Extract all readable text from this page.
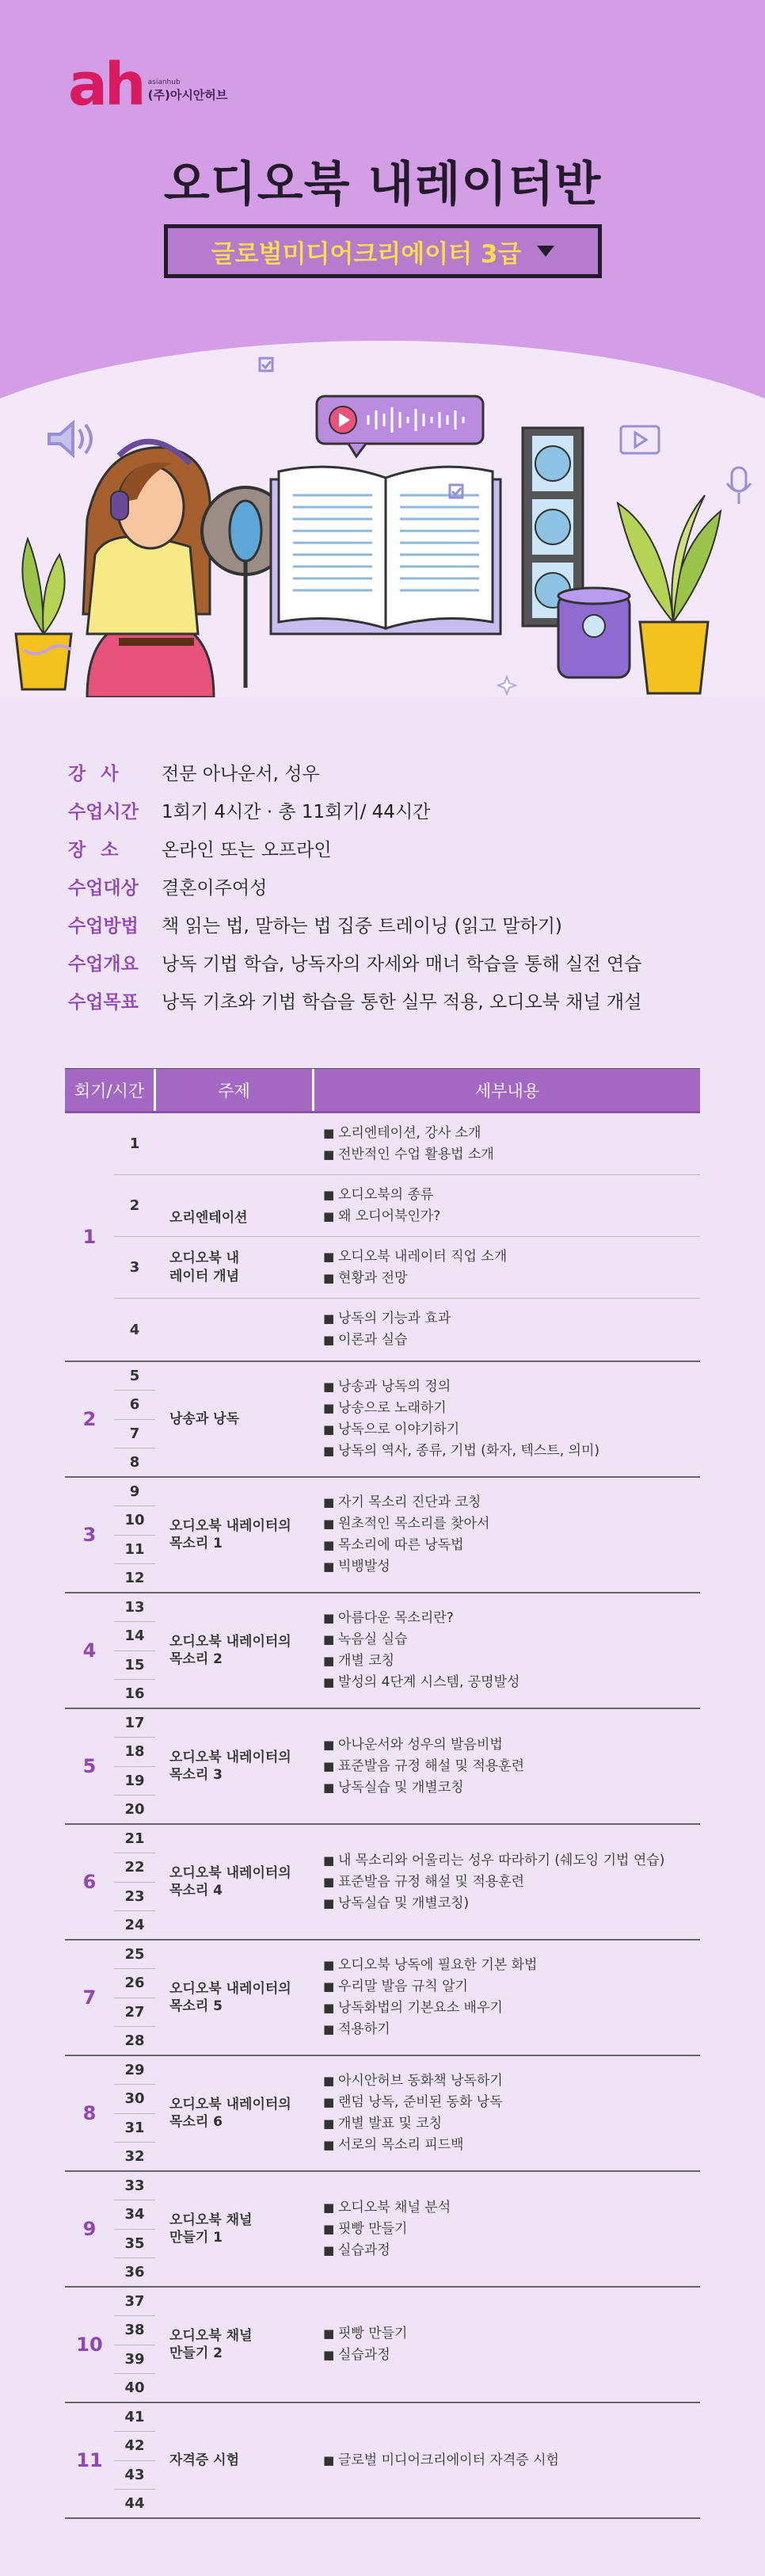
ah asianhub
(주)아시안허브
오디오북 내레이터반
글로벌미디어크리에이터 3급
강사	전문 아나운서, 성우
수업시간	1회기 4시간 · 총 11회기/ 44시간
장소	온라인 또는 오프라인
수업대상	결혼이주여성
수업방법	책 읽는 법, 말하는 법 집중 트레이닝 (읽고 말하기)
수업개요	낭독 기법 학습, 낭독자의 자세와 매너 학습을 통해 실전 연습
수업목표	낭독 기초와 기법 학습을 통한 실무 적용, 오디오북 채널 개설
회기/시간	주제	세부내용
1
1
■ 오리엔테이션, 강사 소개
■ 전반적인 수업 활용법 소개
2
오리엔테이션
■ 오디오북의 종류
■ 왜 오디어북인가?
3
오디오북 내레이터 개념
■ 오디오북 내레이터 직업 소개
■ 현황과 전망
4
■ 낭독의 기능과 효과
■ 이론과 실습
2
5
6
7
8
낭송과 낭독
■ 낭송과 낭독의 정의
■ 낭송으로 노래하기
■ 낭독으로 이야기하기
■ 낭독의 역사, 종류, 기법 (화자, 텍스트, 의미)
3
9
10
11
12
오디오북 내레이터의
목소리 1
■ 자기 목소리 진단과 코칭
■ 원초적인 목소리를 찾아서
■ 목소리에 따른 낭독법
■ 빅뱅발성
4
13
14
15
16
오디오북 내레이터의
목소리 2
■ 아름다운 목소리란?
■ 녹음실 실습
■ 개별 코칭
■ 발성의 4단계 시스템, 공명발성
5
17
18
19
20
오디오북 내레이터의
목소리 3
■ 아나운서와 성우의 발음비법
■ 표준발음 규정 해설 및 적용훈련
■ 낭독실습 및 개별코칭
6
21
22
23
24
오디오북 내레이터의
목소리 4
■ 내 목소리와 어울리는 성우 따라하기 (쉐도잉 기법 연습)
■ 표준발음 규정 해설 및 적용훈련
■ 낭독실습 및 개별코칭)
7
25
26
27
28
오디오북 내레이터의
목소리 5
■ 오디오북 낭독에 필요한 기본 화법
■ 우리말 발음 규칙 알기
■ 낭독화법의 기본요소 배우기
■ 적용하기
8
29
30
31
32
오디오북 내레이터의
목소리 6
■ 아시안허브 동화책 낭독하기
■ 랜덤 낭독, 준비된 동화 낭독
■ 개별 발표 및 코칭
■ 서로의 목소리 피드백
9
33
34
35
36
오디오북 채널
만들기 1
■ 오디오북 채널 분석
■ 핏빵 만들기
■ 실습과정
10
37
38
39
40
오디오북 채널
만들기 2
■ 핏빵 만들기
■ 실습과정
11
41
42
43
44
자격증 시험
■	글로벌 미디어크리에이터 자격증 시험
